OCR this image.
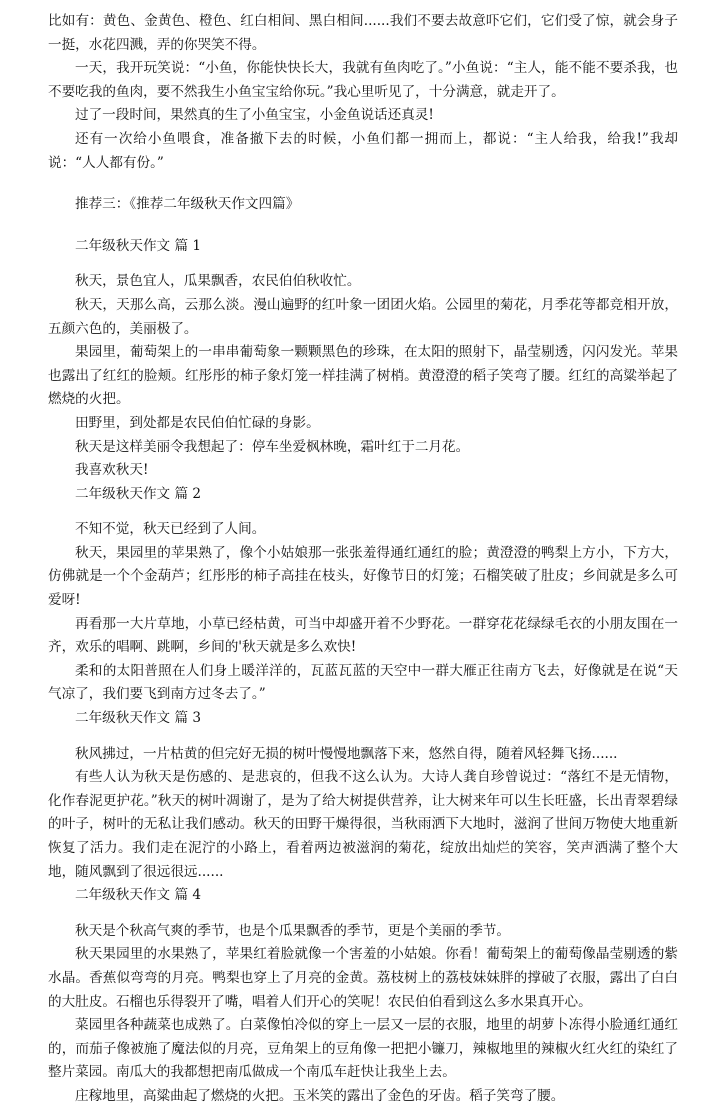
比如有：黄色、金黄色、橙色、红白相间、黑白相间......我们不要去故意吓它们，它们受了惊，就会身子一挺，水花四溅，弄的你哭笑不得。

一天，我开玩笑说：“小鱼，你能快快长大，我就有鱼肉吃了。”小鱼说：“主人，能不能不要杀我，也不要吃我的鱼肉，要不然我生小鱼宝宝给你玩。”我心里听见了，十分满意，就走开了。

过了一段时间，果然真的生了小鱼宝宝，小金鱼说话还真灵!

还有一次给小鱼喂食，准备撤下去的时候，小鱼们都一拥而上，都说：“主人给我，给我!”我却说：“人人都有份。”

推荐三：《推荐二年级秋天作文四篇》

二年级秋天作文 篇 1

秋天，景色宜人，瓜果飘香，农民伯伯秋收忙。

秋天，天那么高，云那么淡。漫山遍野的红叶象一团团火焰。公园里的菊花，月季花等都竞相开放，五颜六色的，美丽极了。

果园里，葡萄架上的一串串葡萄象一颗颗黑色的珍珠，在太阳的照射下，晶莹剔透，闪闪发光。苹果也露出了红红的脸颊。红彤彤的柿子象灯笼一样挂满了树梢。黄澄澄的稻子笑弯了腰。红红的高粱举起了燃烧的火把。

田野里，到处都是农民伯伯忙碌的身影。

秋天是这样美丽令我想起了：停车坐爱枫林晚，霜叶红于二月花。

我喜欢秋天!

二年级秋天作文 篇 2

不知不觉，秋天已经到了人间。

秋天，果园里的苹果熟了，像个小姑娘那一张张羞得通红通红的脸；黄澄澄的鸭梨上方小，下方大，仿佛就是一个个金葫芦；红彤彤的柿子高挂在枝头，好像节日的灯笼；石榴笑破了肚皮；乡间就是多么可爱呀!

再看那一大片草地，小草已经枯黄，可当中却盛开着不少野花。一群穿花花绿绿毛衣的小朋友围在一齐，欢乐的唱啊、跳啊，乡间的'秋天就是多么欢快!

柔和的太阳普照在人们身上暖洋洋的，瓦蓝瓦蓝的天空中一群大雁正往南方飞去，好像就是在说“天气凉了，我们要飞到南方过冬去了。”

二年级秋天作文 篇 3

秋风拂过，一片枯黄的但完好无损的树叶慢慢地飘落下来，悠然自得，随着风轻舞飞扬......

有些人认为秋天是伤感的、是悲哀的，但我不这么认为。大诗人龚自珍曾说过：“落红不是无情物，化作春泥更护花。”秋天的树叶凋谢了，是为了给大树提供营养，让大树来年可以生长旺盛，长出青翠碧绿的叶子，树叶的无私让我们感动。秋天的田野干燥得很，当秋雨洒下大地时，滋润了世间万物使大地重新恢复了活力。我们走在泥泞的小路上，看着两边被滋润的菊花，绽放出灿烂的笑容，笑声洒满了整个大地，随风飘到了很远很远......

二年级秋天作文 篇 4

秋天是个秋高气爽的季节，也是个瓜果飘香的季节，更是个美丽的季节。

秋天果园里的水果熟了，苹果红着脸就像一个害羞的小姑娘。你看！葡萄架上的葡萄像晶莹剔透的紫水晶。香蕉似弯弯的月亮。鸭梨也穿上了月亮的金黄。荔枝树上的荔枝妹妹胖的撑破了衣服，露出了白白的大肚皮。石榴也乐得裂开了嘴，唱着人们开心的笑呢！农民伯伯看到这么多水果真开心。

菜园里各种蔬菜也成熟了。白菜像怕冷似的穿上一层又一层的衣服，地里的胡萝卜冻得小脸通红通红的，而茄子像被施了魔法似的月亮，豆角架上的豆角像一把把小镰刀，辣椒地里的辣椒火红火红的染红了整片菜园。南瓜大的我都想把南瓜做成一个南瓜车赶快让我坐上去。

庄稼地里，高粱曲起了燃烧的火把。玉米笑的露出了金色的牙齿。稻子笑弯了腰。
